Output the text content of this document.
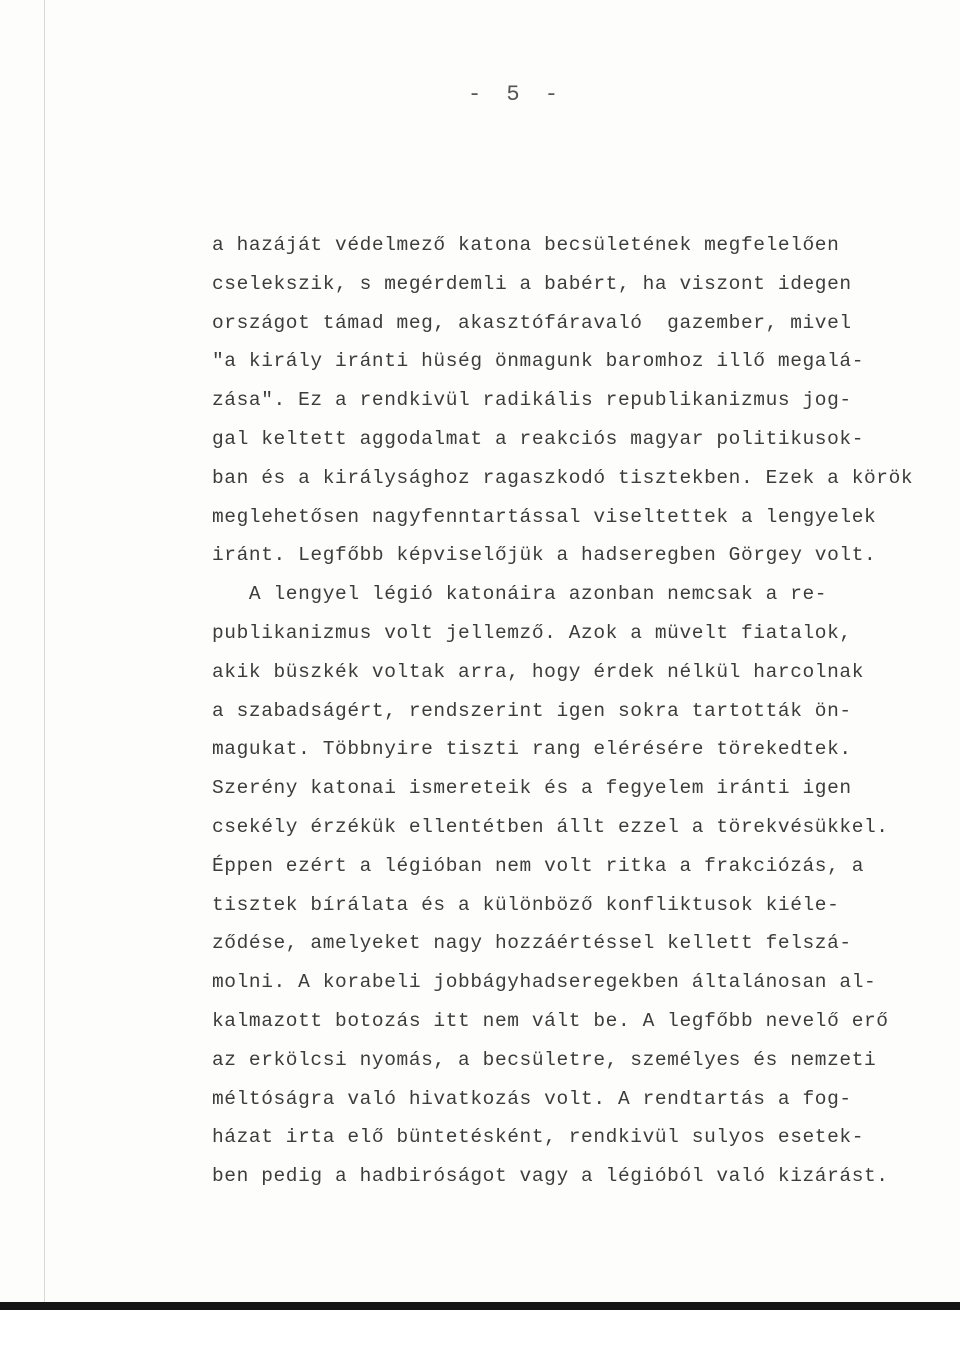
- 5 -
a hazáját védelmező katona becsületének megfelelően
cselekszik, s megérdemli a babért, ha viszont idegen
országot támad meg, akasztófáravaló  gazember, mivel
"a király iránti hüség önmagunk baromhoz illő megalá-
zása". Ez a rendkivül radikális republikanizmus jog-
gal keltett aggodalmat a reakciós magyar politikusok-
ban és a királysághoz ragaszkodó tisztekben. Ezek a körök
meglehetősen nagyfenntartással viseltettek a lengyelek
iránt. Legfőbb képviselőjük a hadseregben Görgey volt.
A lengyel légió katonáira azonban nemcsak a re-
publikanizmus volt jellemző. Azok a müvelt fiatalok,
akik büszkék voltak arra, hogy érdek nélkül harcolnak
a szabadságért, rendszerint igen sokra tartották ön-
magukat. Többnyire tiszti rang elérésére törekedtek.
Szerény katonai ismereteik és a fegyelem iránti igen
csekély érzékük ellentétben állt ezzel a törekvésükkel.
Éppen ezért a légióban nem volt ritka a frakciózás, a
tisztek bírálata és a különböző konfliktusok kiéle-
ződése, amelyeket nagy hozzáértéssel kellett felszá-
molni. A korabeli jobbágyhadseregekben általánosan al-
kalmazott botozás itt nem vált be. A legfőbb nevelő erő
az erkölcsi nyomás, a becsületre, személyes és nemzeti
méltóságra való hivatkozás volt. A rendtartás a fog-
házat irta elő büntetésként, rendkivül sulyos esetek-
ben pedig a hadbiróságot vagy a légióból való kizárást.
